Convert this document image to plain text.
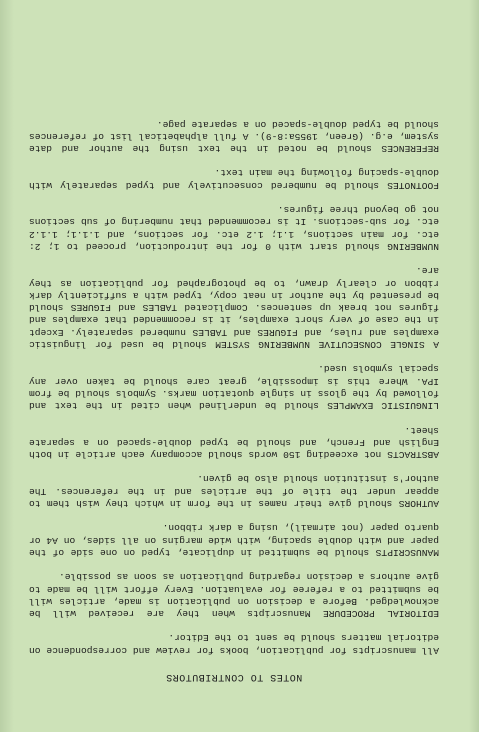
NOTES TO CONTRIBUTORS

All manuscripts for publication, books for review and correspondence on editorial matters should be sent to the Editor.

EDITORIAL PROCEDURE Manuscripts when they are received will be acknowledged. Before a decision on publication is made, articles will be submitted to a referee for evaluation. Every effort will be made to give authors a decision regarding publication as soon as possible.

MANUSCRIPTS should be submitted in duplicate, typed on one side of the paper and with double spacing, with wide margins on all sides, on A4 or quarto paper (not airmail), using a dark ribbon.

AUTHORS should give their names in the form in which they wish them to appear under the title of the articles and in the references. The author's institution should also be given.

ABSTRACTS not exceeding 150 words should accompany each article in both English and French, and should be typed double-spaced on a separate sheet.

LINGUISTIC EXAMPLES should be underlined when cited in the text and followed by the gloss in single quotation marks. Symbols should be from IPA. Where this is impossible, great care should be taken over any special symbols used.

A SINGLE CONSECUTIVE NUMBERING SYSTEM should be used for linguistic examples and rules, and FIGURES and TABLES numbered separately. Except in the case of very short examples, it is recommended that examples and figures not break up sentences. Complicated TABLES and FIGURES should be presented by the author in neat copy, typed with a sufficiently dark ribbon or clearly drawn, to be photographed for publication as they are.

NUMBERING should start with 0 for the introduction, proceed to 1; 2: etc. for main sections, 1.1; 1.2 etc. for sections, and 1.1.1; 1.1.2 etc. for sub-sections. It is recommended that numbering of sub sections not go beyond three figures.

FOOTNOTES should be numbered consecutively and typed separately with double-spacing following the main text.

REFERENCES should be noted in the text using the author and date system, e.g. (Green, 1955a:8-9). A full alphabetical list of references should be typed double-spaced on a separate page.
